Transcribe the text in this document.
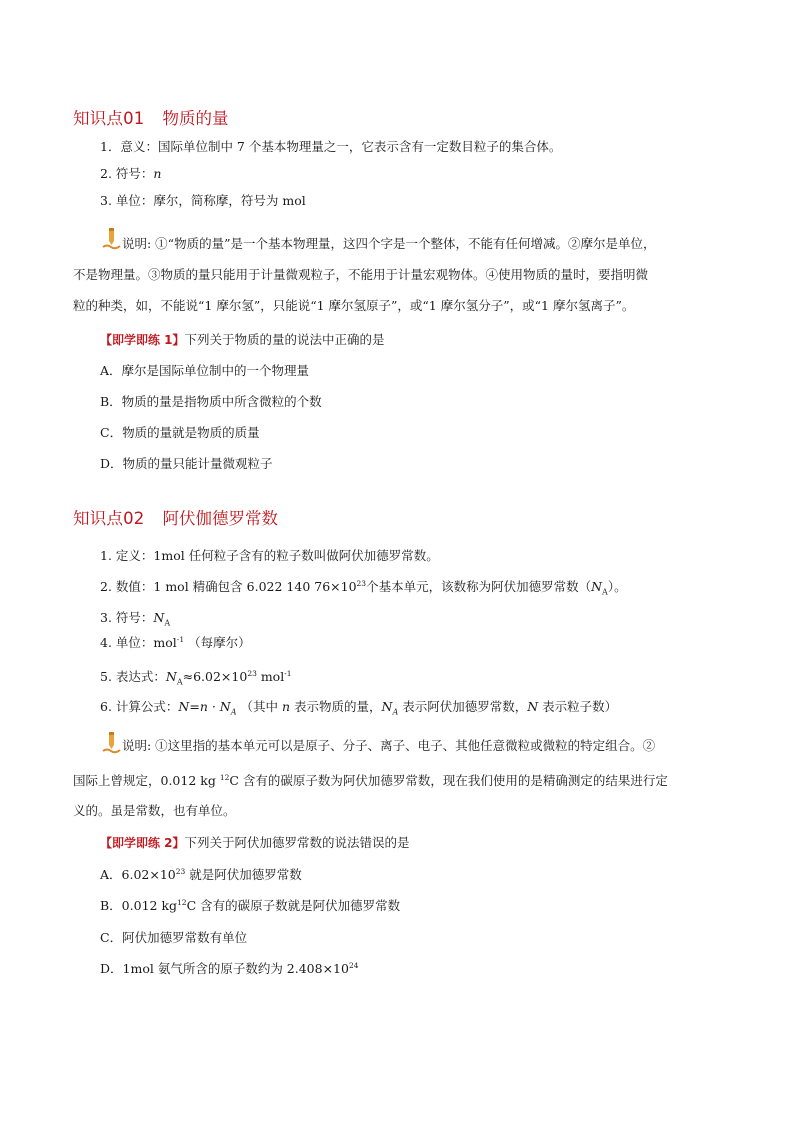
知识点01 物质的量
1．意义：国际单位制中 7 个基本物理量之一，它表示含有一定数目粒子的集合体。
2. 符号：n
3. 单位：摩尔，简称摩，符号为 mol
说明: ①“物质的量”是一个基本物理量，这四个字是一个整体，不能有任何增减。②摩尔是单位，
不是物理量。③物质的量只能用于计量微观粒子，不能用于计量宏观物体。④使用物质的量时，要指明微
粒的种类，如，不能说“1 摩尔氢”，只能说“1 摩尔氢原子”，或“1 摩尔氢分子”，或“1 摩尔氢离子”。
【即学即练 1】下列关于物质的量的说法中正确的是
A．摩尔是国际单位制中的一个物理量
B．物质的量是指物质中所含微粒的个数
C．物质的量就是物质的质量
D．物质的量只能计量微观粒子
知识点02 阿伏伽德罗常数
1. 定义：1mol 任何粒子含有的粒子数叫做阿伏加德罗常数。
2. 数值：1 mol 精确包含 6.022 140 $76\times 10^{23}$个基本单元，该数称为阿伏加德罗常数$(N_A)$。
3. 符号：$N_A$
4. 单位：mol$^{-1}$ （每摩尔）
5. 表达式：$N_A\approx 6.02\times 10^{23}$ mol$^{-1}$
6. 计算公式：$N=n \cdot N_A$ （其中 n 表示物质的量，$N_A$ 表示阿伏加德罗常数，N 表示粒子数）
说明: ①这里指的基本单元可以是原子、分子、离子、电子、其他任意微粒或微粒的特定组合。②
国际上曾规定，0.012 kg $^{12}$C 含有的碳原子数为阿伏加德罗常数，现在我们使用的是精确测定的结果进行定
义的。虽是常数，也有单位。
【即学即练 2】下列关于阿伏加德罗常数的说法错误的是
A．$6.02\times 10^{23}$ 就是阿伏加德罗常数
B．0.012 $kg^{12}C$ 含有的碳原子数就是阿伏加德罗常数
C．阿伏加德罗常数有单位
D．1mol 氨气所含的原子数约为 $2.408\times 10^{24}$
